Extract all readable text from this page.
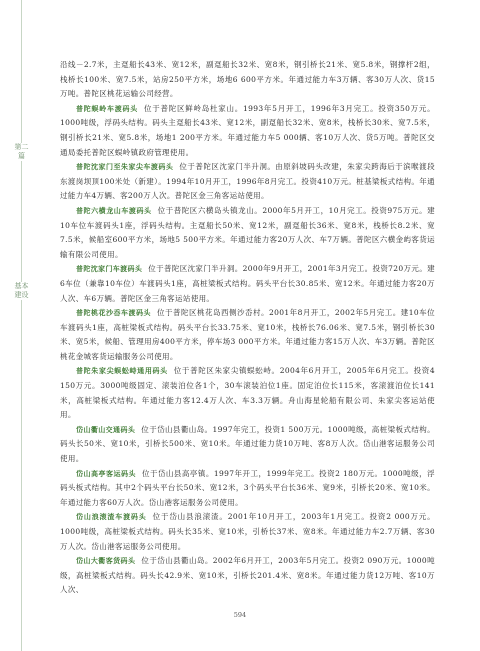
第二篇
基本建设

沿线－2.7米，主趸船长43米、宽12米，副趸船长32米、宽8米，钢引桥长21米、宽5.8米，钢撑杆2组，栈桥长100米、宽7.5米，站房250平方米，场地6 600平方米。年通过能力车3万辆、客30万人次、货15万吨。普陀区桃花运输公司经营。

普陀蜈岭车渡码头 位于普陀区鲜岭岛杜家山。1993年5月开工，1996年3月完工。投资350万元。1000吨级，浮码头结构。码头主趸船长43米、宽12米，副趸船长32米、宽8米，栈桥长30米、宽7.5米，钢引桥长21米、宽5.8米，场地1 200平方米。年通过能力车5 000辆、客10万人次、货5万吨。普陀区交通局委托普陀区蜈岭镇政府管理使用。

普陀沈家门至朱家尖车渡码头 位于普陀区沈家门半升洞。由原斜坡码头改建，朱家尖跨海后于滨喉渡段东渡岗坝顶100米处（新建）。1994年10月开工，1996年8月完工。投资410万元。桩基梁板式结构。年通过能力车4万辆、客200万人次。普陀区金三角客运站使用。

普陀六横龙山车渡码头 位于普陀区六横岛头镇龙山。2000年5月开工，10月完工。投资975万元。建10车位车渡码头1座，浮码头结构。主趸船长50米、宽12米，副趸船长36米、宽8米，栈桥长8.2米、宽7.5米，候船室600平方米，场地5 500平方米。年通过能力客20万人次、车7万辆。普陀区六横金屿客货运输有限公司使用。

普陀沈家门车渡码头 位于普陀区沈家门半升洞。2000年9月开工，2001年3月完工。投资720万元。建6车位（兼靠10车位）车渡码头1座，高桩梁板式结构。码头平台长30.85米、宽12米。年通过能力客20万人次、车6万辆。普陀区金三角客运站使用。

普陀桃花沙岙车渡码头 位于普陀区桃花岛西侧沙岙村。2001年8月开工，2002年5月完工。建10车位车渡码头1座，高桩梁板式结构。码头平台长33.75米、宽10米，栈桥长76.06米、宽7.5米，钢引桥长30米、宽5米，候船、管理用房400平方米，停车场3 000平方米。年通过能力客15万人次、车3万辆。普陀区桃花金城客货运输服务公司使用。

普陀朱家尖蜈蚣峙通用码头 位于普陀区朱家尖镇蜈蚣峙。2004年6月开工，2005年6月完工。投资4 150万元。3000吨级固定、滚装泊位各1个，30车滚装泊位1座。固定泊位长115米，客滚渡泊位长141米，高桩梁板式结构。年通过能力客12.4万人次、车3.3万辆。舟山海星轮船有限公司、朱家尖客运站使用。

岱山衢山交通码头 位于岱山县衢山岛。1997年完工，投资1 500万元。1000吨级，高桩梁板式结构。码头长50米、宽10米，引桥长500米、宽10米。年通过能力货10万吨、客8万人次。岱山港客运服务公司使用。

岱山高亭客运码头 位于岱山县高亭镇。1997年开工，1999年完工。投资2 180万元。1000吨级，浮码头板式结构。其中2个码头平台长50米、宽12米，3个码头平台长36米、宽9米，引桥长20米、宽10米。年通过能力客60万人次。岱山港客运服务公司使用。

岱山浪滚渣车渡码头 位于岱山县浪滚渣。2001年10月开工，2003年1月完工。投资2 000万元。1000吨级，高桩梁板式结构。码头长35米、宽10米，引桥长37米、宽8米。年通过能力车2.7万辆、客30万人次。岱山港客运服务公司使用。

岱山大衢客货码头 位于岱山县衢山岛。2002年6月开工，2003年5月完工。投资2 090万元。1000吨级，高桩梁板式结构。码头长42.9米、宽10米，引桥长201.4米、宽8米。年通过能力货12万吨、客10万人次、

594
